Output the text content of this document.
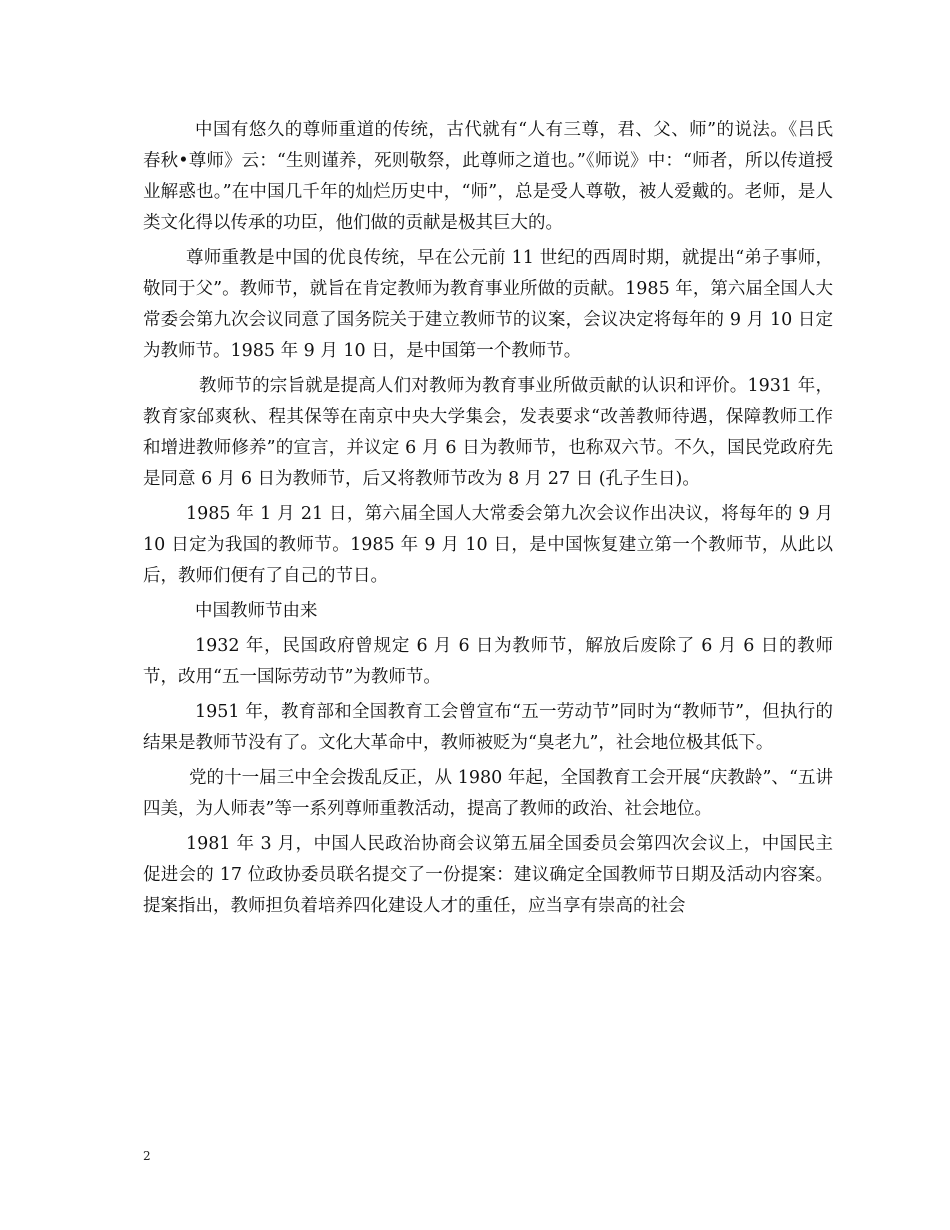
中国有悠久的尊师重道的传统，古代就有“人有三尊，君、父、师”的说法。《吕氏春秋•尊师》云：“生则谨养，死则敬祭，此尊师之道也。”《师说》中：“师者，所以传道授业解惑也。”在中国几千年的灿烂历史中，“师”，总是受人尊敬，被人爱戴的。老师，是人类文化得以传承的功臣，他们做的贡献是极其巨大的。

尊师重教是中国的优良传统，早在公元前 11 世纪的西周时期，就提出“弟子事师，敬同于父”。教师节，就旨在肯定教师为教育事业所做的贡献。1985 年，第六届全国人大常委会第九次会议同意了国务院关于建立教师节的议案，会议决定将每年的 9 月 10 日定为教师节。1985 年 9 月 10 日，是中国第一个教师节。

教师节的宗旨就是提高人们对教师为教育事业所做贡献的认识和评价。1931 年，教育家邰爽秋、程其保等在南京中央大学集会，发表要求“改善教师待遇，保障教师工作和增进教师修养”的宣言，并议定 6 月 6 日为教师节，也称双六节。不久，国民党政府先是同意 6 月 6 日为教师节，后又将教师节改为 8 月 27 日 (孔子生日)。

1985 年 1 月 21 日，第六届全国人大常委会第九次会议作出决议，将每年的 9 月 10 日定为我国的教师节。1985 年 9 月 10 日，是中国恢复建立第一个教师节，从此以后，教师们便有了自己的节日。

中国教师节由来

1932 年，民国政府曾规定 6 月 6 日为教师节，解放后废除了 6 月 6 日的教师节，改用“五一国际劳动节”为教师节。

1951 年，教育部和全国教育工会曾宣布“五一劳动节”同时为“教师节”，但执行的结果是教师节没有了。文化大革命中，教师被贬为“臭老九”，社会地位极其低下。

党的十一届三中全会拨乱反正，从 1980 年起，全国教育工会开展“庆教龄”、“五讲四美，为人师表”等一系列尊师重教活动，提高了教师的政治、社会地位。

1981 年 3 月，中国人民政治协商会议第五届全国委员会第四次会议上，中国民主促进会的 17 位政协委员联名提交了一份提案：建议确定全国教师节日期及活动内容案。提案指出，教师担负着培养四化建设人才的重任，应当享有崇高的社会

2
